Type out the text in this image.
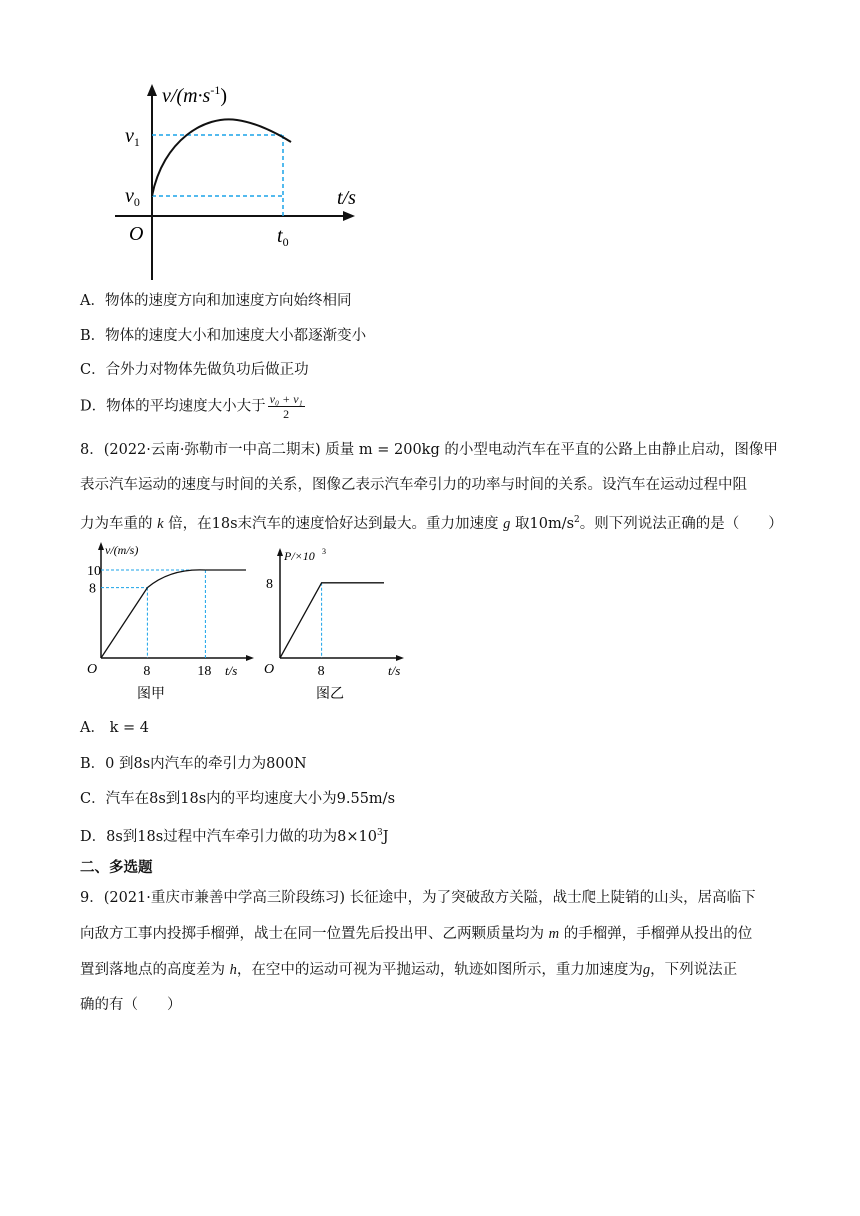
$v/(m\cdot s^{-1})$
t/s
O
$v_1$
$v_0$
$t_0$
A．物体的速度方向和加速度方向始终相同
B．物体的速度大小和加速度大小都逐渐变小
C．合外力对物体先做负功后做正功
D．物体的平均速度大小大于 $\frac{\text{v₀ + v₁}}{2}$
8．(2022·云南·弥勒市一中高二期末) 质量 m = 200kg 的小型电动汽车在平直的公路上由静止启动，图像甲
表示汽车运动的速度与时间的关系，图像乙表示汽车牵引力的功率与时间的关系。设汽车在运动过程中阻
力为车重的 k 倍，在18s末汽车的速度恰好达到最大。重力加速度 g 取$10m/s^2$。则下列说法正确的是（　　）
v/(m/s)
t/s
O
10
8
8	18
图甲
P/×10 3
t/s
O
8
8
图乙
A． k = 4
B．0 到8s内汽车的牵引力为800N
C．汽车在8s到18s内的平均速度大小为9.55m/s
D．8s到18s过程中汽车牵引力做的功为$8\times 10^3J$
二、多选题
9．(2021·重庆市兼善中学高三阶段练习) 长征途中，为了突破敌方关隘，战士爬上陡销的山头，居高临下
向敌方工事内投掷手榴弹，战士在同一位置先后投出甲、乙两颗质量均为 m 的手榴弹，手榴弹从投出的位
置到落地点的高度差为 h，在空中的运动可视为平抛运动，轨迹如图所示，重力加速度为g，下列说法正
确的有（　　）
